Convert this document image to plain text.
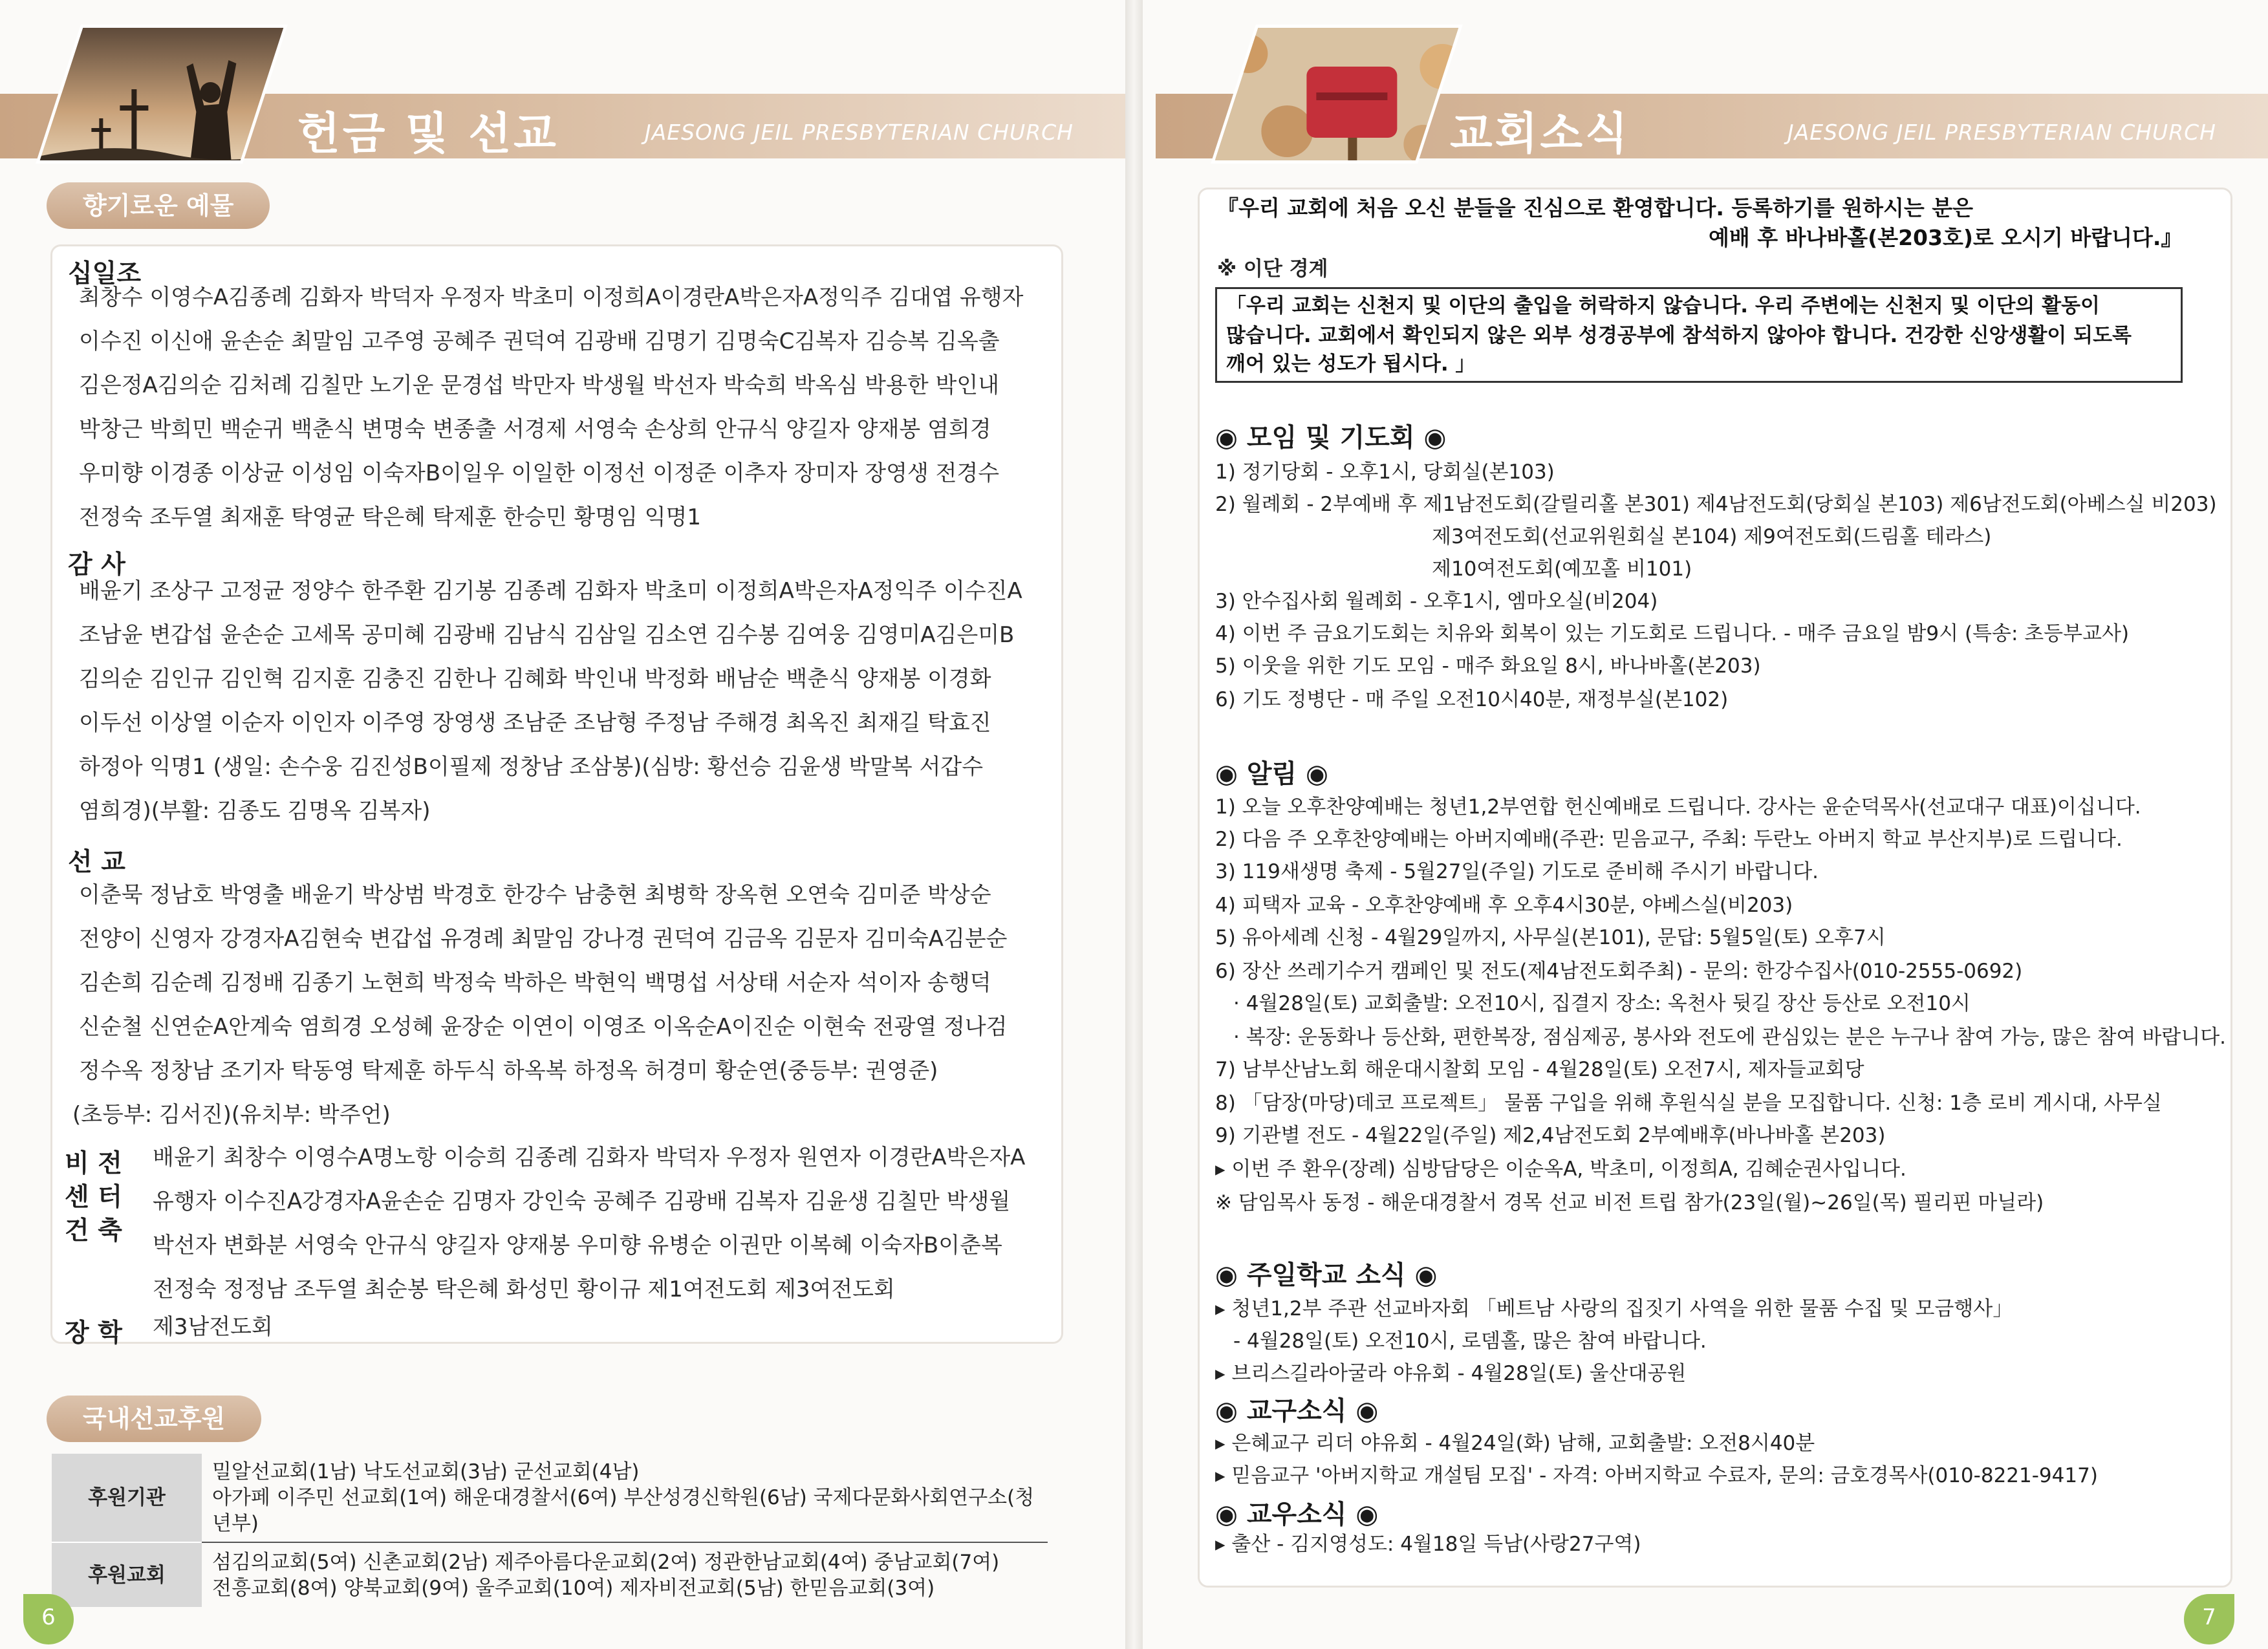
헌금 및 선교	JAESONG JEIL PRESBYTERIAN CHURCH
향기로운 예물
십일조
최창수 이영수A김종례 김화자 박덕자 우정자 박초미 이정희A이경란A박은자A정익주 김대엽 유행자
이수진 이신애 윤손순 최말임 고주영 공혜주 권덕여 김광배 김명기 김명숙C김복자 김승복 김옥출
김은정A김의순 김처례 김칠만 노기운 문경섭 박만자 박생월 박선자 박숙희 박옥심 박용한 박인내
박창근 박희민 백순귀 백춘식 변명숙 변종출 서경제 서영숙 손상희 안규식 양길자 양재봉 염희경
우미향 이경종 이상균 이성임 이숙자B이일우 이일한 이정선 이정준 이추자 장미자 장영생 전경수
전정숙 조두열 최재훈 탁영균 탁은혜 탁제훈 한승민 황명임 익명1
감 사
배윤기 조상구 고정균 정양수 한주환 김기봉 김종례 김화자 박초미 이정희A박은자A정익주 이수진A
조남윤 변갑섭 윤손순 고세목 공미혜 김광배 김남식 김삼일 김소연 김수봉 김여웅 김영미A김은미B
김의순 김인규 김인혁 김지훈 김충진 김한나 김혜화 박인내 박정화 배남순 백춘식 양재봉 이경화
이두선 이상열 이순자 이인자 이주영 장영생 조남준 조남형 주정남 주해경 최옥진 최재길 탁효진
하정아 익명1 (생일: 손수웅 김진성B이필제 정창남 조삼봉)(심방: 황선승 김윤생 박말복 서갑수
염희경)(부활: 김종도 김명옥 김복자)
선 교
이춘묵 정남호 박영출 배윤기 박상범 박경호 한강수 남충현 최병학 장옥현 오연숙 김미준 박상순
전양이 신영자 강경자A김현숙 변갑섭 유경례 최말임 강나경 권덕여 김금옥 김문자 김미숙A김분순
김손희 김순례 김정배 김종기 노현희 박정숙 박하은 박현익 백명섭 서상태 서순자 석이자 송행덕
신순철 신연순A안계숙 염희경 오성혜 윤장순 이연이 이영조 이옥순A이진순 이현숙 전광열 정나검
정수옥 정창남 조기자 탁동영 탁제훈 하두식 하옥복 하정옥 허경미 황순연(중등부: 권영준)
(초등부: 김서진)(유치부: 박주언)
비 전
센 터
건 축
배윤기 최창수 이영수A명노항 이승희 김종례 김화자 박덕자 우정자 원연자 이경란A박은자A
유행자 이수진A강경자A윤손순 김명자 강인숙 공혜주 김광배 김복자 김윤생 김칠만 박생월
박선자 변화분 서영숙 안규식 양길자 양재봉 우미향 유병순 이권만 이복혜 이숙자B이춘복
전정숙 정정남 조두열 최순봉 탁은혜 화성민 황이규 제1여전도회 제3여전도회
장 학 제3남전도회
국내선교후원
후원기관	밀알선교회(1남) 낙도선교회(3남) 군선교회(4남)
아가페 이주민 선교회(1여) 해운대경찰서(6여) 부산성경신학원(6남) 국제다문화사회연구소(청년부)

후원교회	섬김의교회(5여) 신촌교회(2남) 제주아름다운교회(2여) 정관한남교회(4여) 중남교회(7여)
전흥교회(8여) 양북교회(9여) 울주교회(10여) 제자비전교회(5남) 한믿음교회(3여)
6
교회소식	JAESONG JEIL PRESBYTERIAN CHURCH
『우리 교회에 처음 오신 분들을 진심으로 환영합니다. 등록하기를 원하시는 분은
예배 후 바나바홀(본203호)로 오시기 바랍니다.』
※ 이단 경계
「우리 교회는 신천지 및 이단의 출입을 허락하지 않습니다. 우리 주변에는 신천지 및 이단의 활동이
많습니다. 교회에서 확인되지 않은 외부 성경공부에 참석하지 않아야 합니다. 건강한 신앙생활이 되도록
깨어 있는 성도가 됩시다. 」
◉ 모임 및 기도회 ◉
1) 정기당회 - 오후1시, 당회실(본103)
2) 월례회 - 2부예배 후 제1남전도회(갈릴리홀 본301) 제4남전도회(당회실 본103) 제6남전도회(아베스실 비203)
제3여전도회(선교위원회실 본104) 제9여전도회(드림홀 테라스)
제10여전도회(예꼬홀 비101)
3) 안수집사회 월례회 - 오후1시, 엠마오실(비204)
4) 이번 주 금요기도회는 치유와 회복이 있는 기도회로 드립니다. - 매주 금요일 밤9시 (특송: 초등부교사)
5) 이웃을 위한 기도 모임 - 매주 화요일 8시, 바나바홀(본203)
6) 기도 정병단 - 매 주일 오전10시40분, 재정부실(본102)
◉ 알림 ◉
1) 오늘 오후찬양예배는 청년1,2부연합 헌신예배로 드립니다. 강사는 윤순덕목사(선교대구 대표)이십니다.
2) 다음 주 오후찬양예배는 아버지예배(주관: 믿음교구, 주최: 두란노 아버지 학교 부산지부)로 드립니다.
3) 119새생명 축제 - 5월27일(주일) 기도로 준비해 주시기 바랍니다.
4) 피택자 교육 - 오후찬양예배 후 오후4시30분, 야베스실(비203)
5) 유아세례 신청 - 4월29일까지, 사무실(본101), 문답: 5월5일(토) 오후7시
6) 장산 쓰레기수거 캠페인 및 전도(제4남전도회주최) - 문의: 한강수집사(010-2555-0692)
· 4월28일(토) 교회출발: 오전10시, 집결지 장소: 옥천사 뒷길 장산 등산로 오전10시
· 복장: 운동화나 등산화, 편한복장, 점심제공, 봉사와 전도에 관심있는 분은 누구나 참여 가능, 많은 참여 바랍니다.
7) 남부산남노회 해운대시찰회 모임 - 4월28일(토) 오전7시, 제자들교회당
8) 「담장(마당)데코 프로젝트」 물품 구입을 위해 후원식실 분을 모집합니다. 신청: 1층 로비 게시대, 사무실
9) 기관별 전도 - 4월22일(주일) 제2,4남전도회 2부예배후(바나바홀 본203)
▸ 이번 주 환우(장례) 심방담당은 이순옥A, 박초미, 이정희A, 김혜순권사입니다.
※ 담임목사 동정 - 해운대경찰서 경목 선교 비전 트립 참가(23일(월)~26일(목) 필리핀 마닐라)
◉ 주일학교 소식 ◉
▸ 청년1,2부 주관 선교바자회 「베트남 사랑의 집짓기 사역을 위한 물품 수집 및 모금행사」
- 4월28일(토) 오전10시, 로뎀홀, 많은 참여 바랍니다.
▸ 브리스길라아굴라 야유회 - 4월28일(토) 울산대공원
◉ 교구소식 ◉
▸ 은혜교구 리더 야유회 - 4월24일(화) 남해, 교회출발: 오전8시40분
▸ 믿음교구 '아버지학교 개설팀 모집' - 자격: 아버지학교 수료자, 문의: 금호경목사(010-8221-9417)
◉ 교우소식 ◉
▸ 출산 - 김지영성도: 4월18일 득남(사랑27구역)
7
